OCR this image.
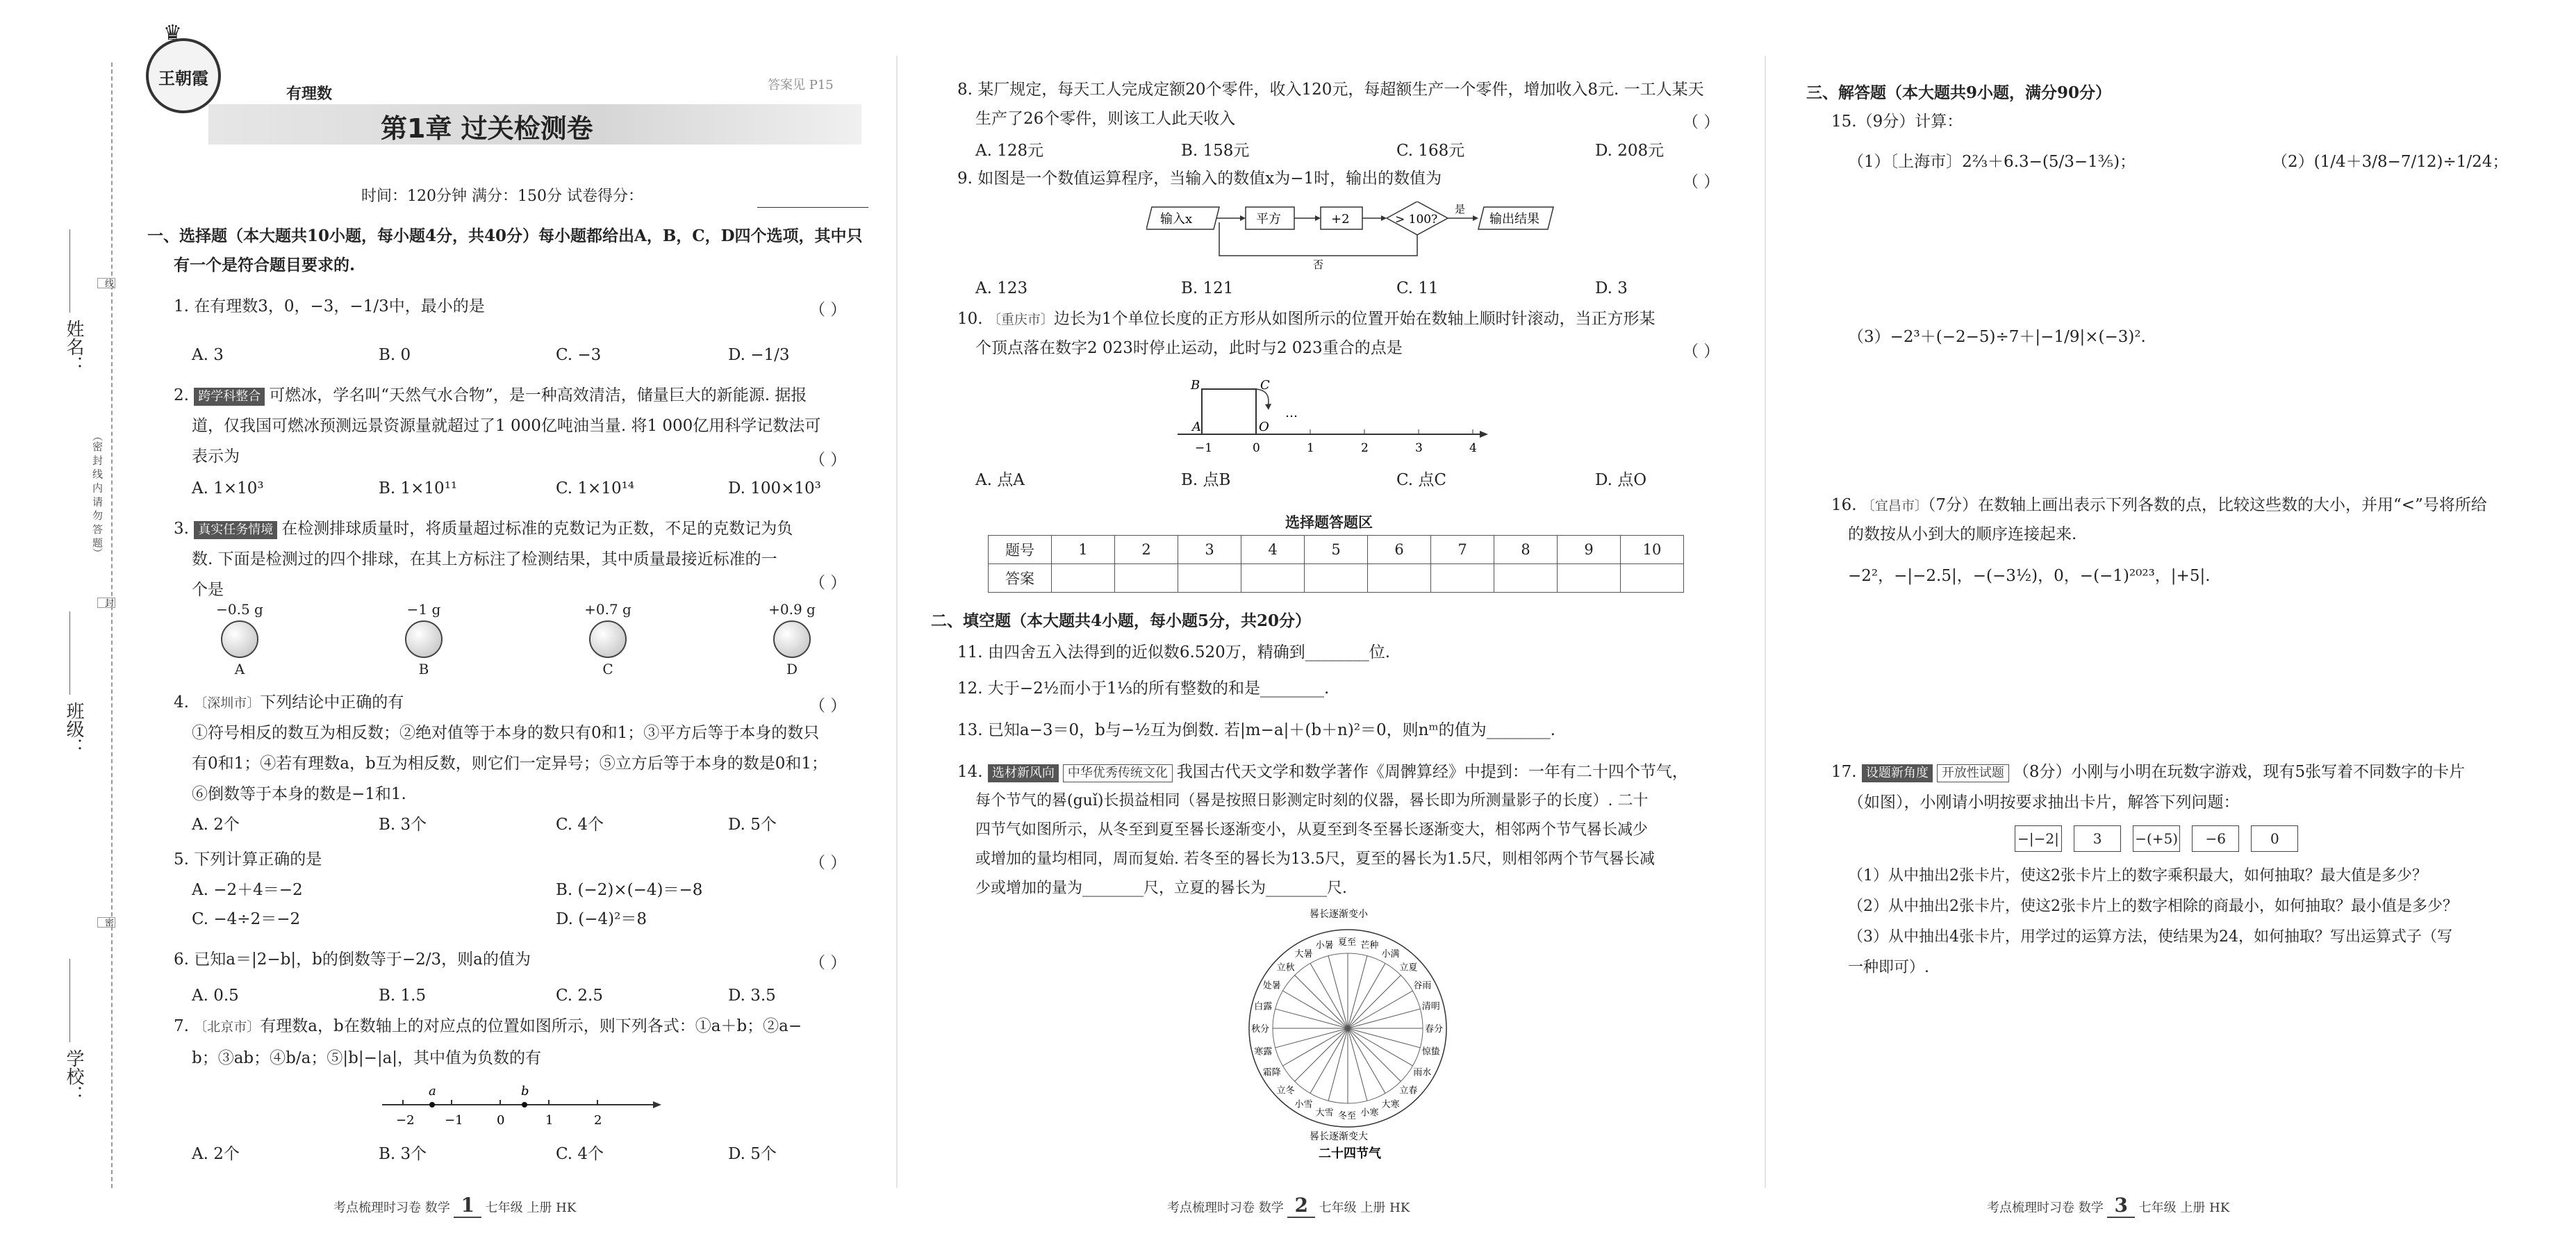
姓名：
班级：
学校：
（密 封 线 内 请 勿 答 题）
线
封
密
王朝霞
♛
有理数	答案见 P15
第1章 过关检测卷
时间：120分钟 满分：150分 试卷得分：
一、选择题（本大题共10小题，每小题4分，共40分）每小题都给出A，B，C，D四个选项，其中只
有一个是符合题目要求的.
1. 在有理数3，0，−3，−1/3中，最小的是	（ ）
A. 3	B. 0	C. −3	D. −1/3
2. 跨学科整合 可燃冰，学名叫“天然气水合物”，是一种高效清洁，储量巨大的新能源. 据报
道，仅我国可燃冰预测远景资源量就超过了1 000亿吨油当量. 将1 000亿用科学记数法可
表示为	（ ）
A. 1×10³	B. 1×10¹¹	C. 1×10¹⁴	D. 100×10³
3. 真实任务情境 在检测排球质量时，将质量超过标准的克数记为正数，不足的克数记为负
数. 下面是检测过的四个排球，在其上方标注了检测结果，其中质量最接近标准的一
个是	（ ）
−0.5 g
A
−1 g
B
+0.7 g
C
+0.9 g
D
4. 〔深圳市〕下列结论中正确的有	（ ）
①符号相反的数互为相反数；②绝对值等于本身的数只有0和1；③平方后等于本身的数只
有0和1；④若有理数a，b互为相反数，则它们一定异号；⑤立方后等于本身的数是0和1；
⑥倒数等于本身的数是−1和1.
A. 2个	B. 3个	C. 4个	D. 5个
5. 下列计算正确的是	（ ）
A. −2＋4＝−2	B. (−2)×(−4)＝−8
C. −4÷2＝−2	D. (−4)²＝8
6. 已知a＝|2−b|，b的倒数等于−2/3，则a的值为	（ ）
A. 0.5	B. 1.5	C. 2.5	D. 3.5
7. 〔北京市〕有理数a，b在数轴上的对应点的位置如图所示，则下列各式：①a＋b；②a−
b；③ab；④b/a；⑤|b|−|a|，其中值为负数的有
a	b
−2 −1	0	1	2
A. 2个	B. 3个	C. 4个	D. 5个
考点梳理时习卷 数学 1 七年级 上册 HK
8. 某厂规定，每天工人完成定额20个零件，收入120元，每超额生产一个零件，增加收入8元. 一工人某天
生产了26个零件，则该工人此天收入	（ ）
A. 128元	B. 158元	C. 168元	D. 208元
9. 如图是一个数值运算程序，当输入的数值x为−1时，输出的数值为	（ ）
输入x	平方	+2	> 100?
是
输出结果
否
A. 123	B. 121	C. 11	D. 3
10. 〔重庆市〕边长为1个单位长度的正方形从如图所示的位置开始在数轴上顺时针滚动，当正方形某
个顶点落在数字2 023时停止运动，此时与2 023重合的点是	（ ）
B	C
A	O
…
−1	0	1	2	3	4
A. 点A	B. 点B	C. 点C	D. 点O
选择题答题区
题号	1	2	3	4	5	6	7	8	9	10
答案										
二、填空题（本大题共4小题，每小题5分，共20分）
11. 由四舍五入法得到的近似数6.520万，精确到________位.
12. 大于−2½而小于1⅓的所有整数的和是________.
13. 已知a−3＝0，b与−½互为倒数. 若|m−a|＋(b＋n)²＝0，则nᵐ的值为________.
14. 选材新风向 中华优秀传统文化 我国古代天文学和数学著作《周髀算经》中提到：一年有二十四个节气，
每个节气的晷(guǐ)长损益相同（晷是按照日影测定时刻的仪器，晷长即为所测量影子的长度）. 二十
四节气如图所示，从冬至到夏至晷长逐渐变小，从夏至到冬至晷长逐渐变大，相邻两个节气晷长减少
或增加的量均相同，周而复始. 若冬至的晷长为13.5尺，夏至的晷长为1.5尺，则相邻两个节气晷长减
少或增加的量为________尺，立夏的晷长为________尺.
晷长逐渐变小
夏至 芒种
小满
立夏
谷雨
清明
春分
惊蛰
雨水
立春
大寒
小寒
冬至
大雪
小雪
立冬
霜降
寒露
秋分
白露
处暑
立秋
大暑
小暑
晷长逐渐变大
二十四节气
考点梳理时习卷 数学 2 七年级 上册 HK
三、解答题（本大题共9小题，满分90分）
15.（9分）计算：
（1）〔上海市〕2⅔＋6.3−(5/3−1⅗)；	（2）(1/4＋3/8−7/12)÷1/24；
（3）−2³＋(−2−5)÷7＋|−1/9|×(−3)².
16. 〔宜昌市〕（7分）在数轴上画出表示下列各数的点，比较这些数的大小，并用“<”号将所给
的数按从小到大的顺序连接起来.
−2²，−|−2.5|，−(−3½)，0，−(−1)²⁰²³，|+5|.
17. 设题新角度 开放性试题 （8分）小刚与小明在玩数字游戏，现有5张写着不同数字的卡片
（如图），小刚请小明按要求抽出卡片，解答下列问题：
−|−2| 3 −(+5) −6	0
（1）从中抽出2张卡片，使这2张卡片上的数字乘积最大，如何抽取？最大值是多少？
（2）从中抽出2张卡片，使这2张卡片上的数字相除的商最小，如何抽取？最小值是多少？
（3）从中抽出4张卡片，用学过的运算方法，使结果为24，如何抽取？写出运算式子（写
一种即可）.
考点梳理时习卷 数学 3 七年级 上册 HK
